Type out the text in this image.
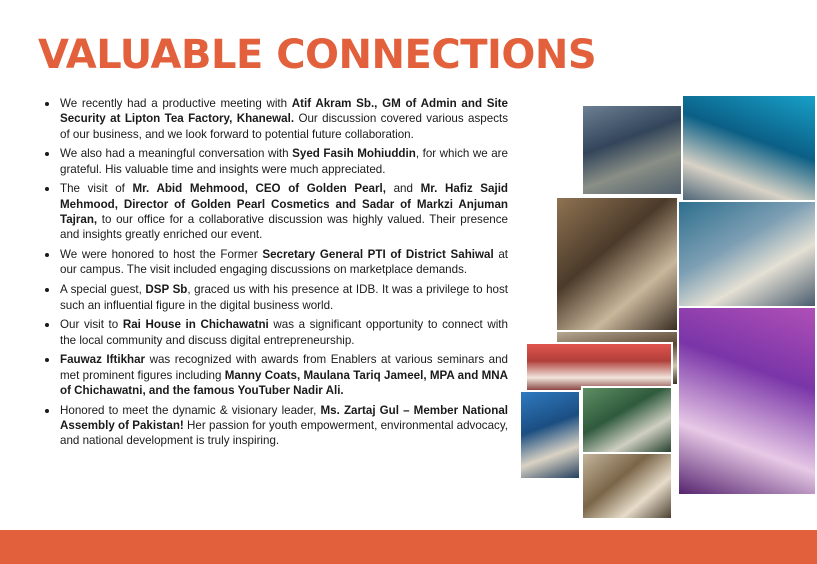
VALUABLE CONNECTIONS
We recently had a productive meeting with Atif Akram Sb., GM of Admin and Site Security at Lipton Tea Factory, Khanewal. Our discussion covered various aspects of our business, and we look forward to potential future collaboration.
We also had a meaningful conversation with Syed Fasih Mohiuddin, for which we are grateful. His valuable time and insights were much appreciated.
The visit of Mr. Abid Mehmood, CEO of Golden Pearl, and Mr. Hafiz Sajid Mehmood, Director of Golden Pearl Cosmetics and Sadar of Markzi Anjuman Tajran, to our office for a collaborative discussion was highly valued. Their presence and insights greatly enriched our event.
We were honored to host the Former Secretary General PTI of District Sahiwal at our campus. The visit included engaging discussions on marketplace demands.
A special guest, DSP Sb, graced us with his presence at IDB. It was a privilege to host such an influential figure in the digital business world.
Our visit to Rai House in Chichawatni was a significant opportunity to connect with the local community and discuss digital entrepreneurship.
Fauwaz Iftikhar was recognized with awards from Enablers at various seminars and met prominent figures including Manny Coats, Maulana Tariq Jameel, MPA and MNA of Chichawatni, and the famous YouTuber Nadir Ali.
Honored to meet the dynamic & visionary leader, Ms. Zartaj Gul – Member National Assembly of Pakistan! Her passion for youth empowerment, environmental advocacy, and national development is truly inspiring.
